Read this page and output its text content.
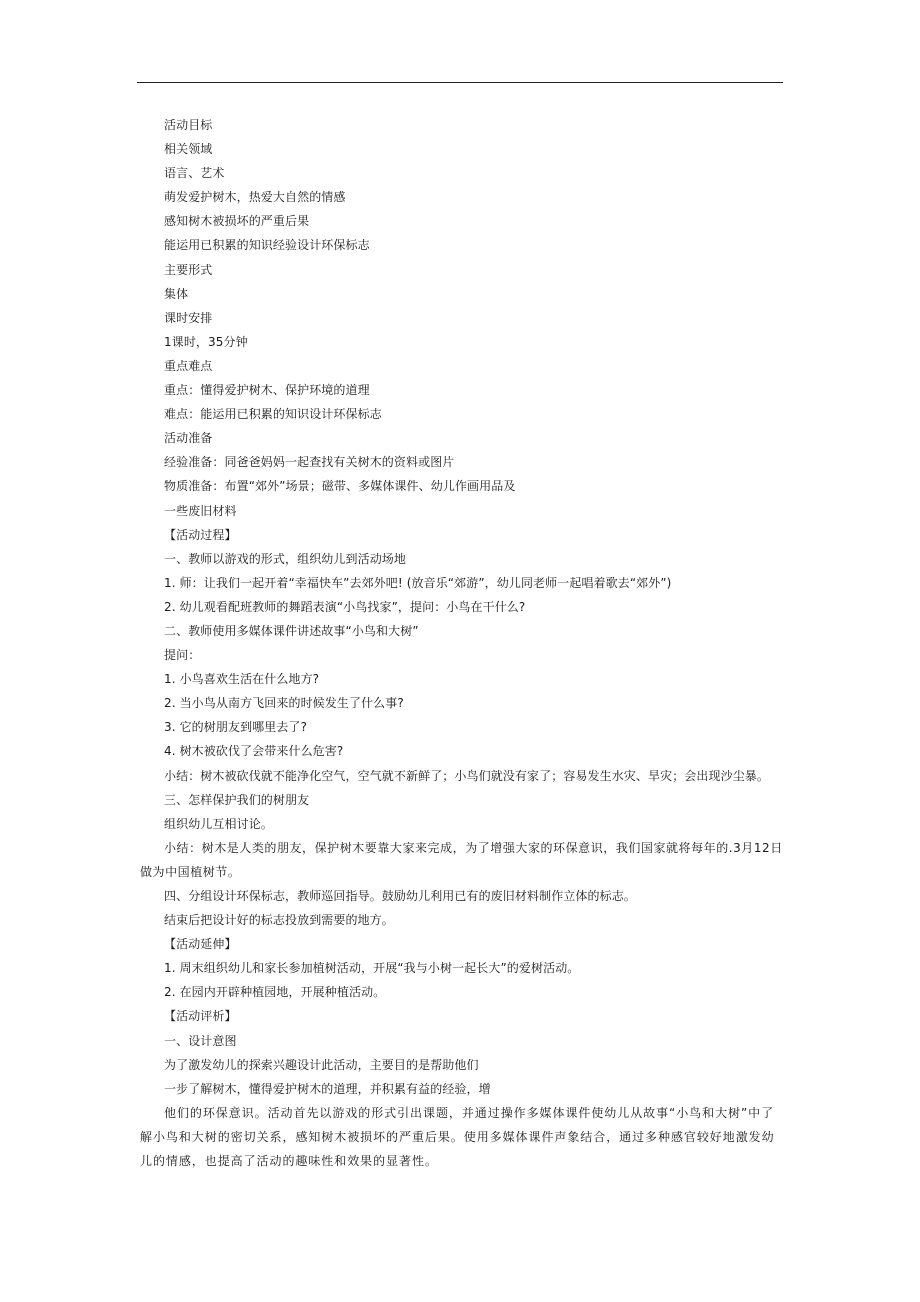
活动目标
相关领域
语言、艺术
萌发爱护树木，热爱大自然的情感
感知树木被损坏的严重后果
能运用已积累的知识经验设计环保标志
主要形式
集体
课时安排
1课时，35分钟
重点难点
重点：懂得爱护树木、保护环境的道理
难点：能运用已积累的知识设计环保标志
活动准备
经验准备：同爸爸妈妈一起查找有关树木的资料或图片
物质准备：布置“郊外”场景；磁带、多媒体课件、幼儿作画用品及
一些废旧材料
【活动过程】
一、教师以游戏的形式，组织幼儿到活动场地
1. 师：让我们一起开着“幸福快车”去郊外吧! (放音乐“郊游”，幼儿同老师一起唱着歌去“郊外”)
2. 幼儿观看配班教师的舞蹈表演“小鸟找家”，提问：小鸟在干什么?
二、教师使用多媒体课件讲述故事“小鸟和大树”
提问：
1. 小鸟喜欢生活在什么地方?
2. 当小鸟从南方飞回来的时候发生了什么事?
3. 它的树朋友到哪里去了?
4. 树木被砍伐了会带来什么危害?
小结：树木被砍伐就不能净化空气，空气就不新鲜了；小鸟们就没有家了；容易发生水灾、旱灾；会出现沙尘暴。
三、怎样保护我们的树朋友
组织幼儿互相讨论。
小结：树木是人类的朋友，保护树木要靠大家来完成，为了增强大家的环保意识，我们国家就将每年的.3月12日做为中国植树节。
四、分组设计环保标志，教师巡回指导。鼓励幼儿利用已有的废旧材料制作立体的标志。
结束后把设计好的标志投放到需要的地方。
【活动延伸】
1. 周末组织幼儿和家长参加植树活动，开展“我与小树一起长大”的爱树活动。
2. 在园内开辟种植园地，开展种植活动。
【活动评析】
一、设计意图
为了激发幼儿的探索兴趣设计此活动，主要目的是帮助他们
一步了解树木，懂得爱护树木的道理，并积累有益的经验，增
他们的环保意识。活动首先以游戏的形式引出课题，并通过操作多媒体课件使幼儿从故事“小鸟和大树”中了解小鸟和大树的密切关系，感知树木被损坏的严重后果。使用多媒体课件声象结合，通过多种感官较好地激发幼儿的情感，也提高了活动的趣味性和效果的显著性。
